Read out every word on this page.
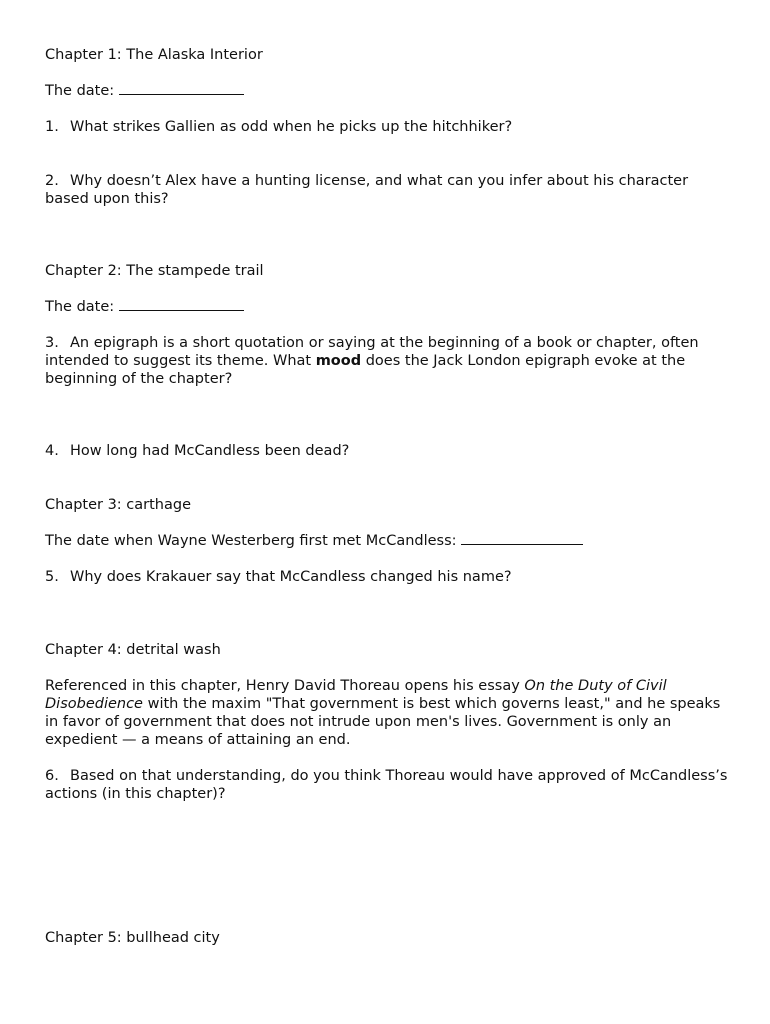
Chapter 1: The Alaska Interior

The date:

1. What strikes Gallien as odd when he picks up the hitchhiker?

2. Why doesn’t Alex have a hunting license, and what can you infer about his character based upon this?

Chapter 2: The stampede trail

The date:

3. An epigraph is a short quotation or saying at the beginning of a book or chapter, often intended to suggest its theme. What mood does the Jack London epigraph evoke at the beginning of the chapter?

4. How long had McCandless been dead?

Chapter 3: carthage

The date when Wayne Westerberg first met McCandless:

5. Why does Krakauer say that McCandless changed his name?

Chapter 4: detrital wash

Referenced in this chapter, Henry David Thoreau opens his essay On the Duty of Civil Disobedience with the maxim "That government is best which governs least," and he speaks in favor of government that does not intrude upon men's lives. Government is only an expedient — a means of attaining an end.

6. Based on that understanding, do you think Thoreau would have approved of McCandless’s actions (in this chapter)?

Chapter 5: bullhead city
